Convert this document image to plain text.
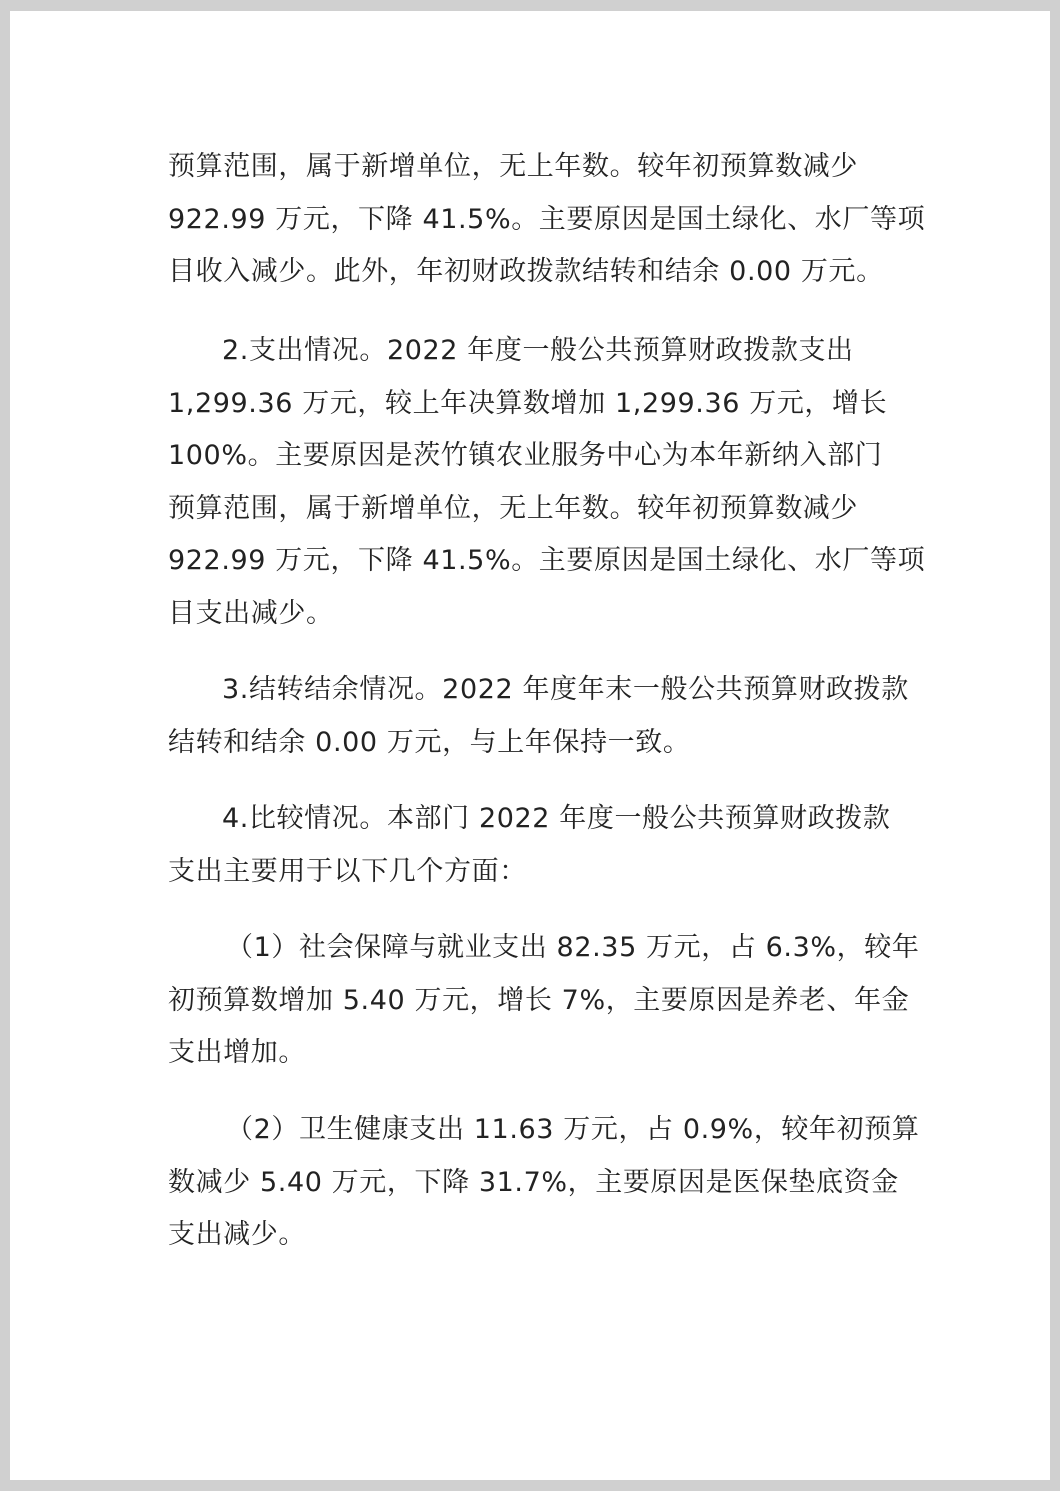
预算范围，属于新增单位，无上年数。较年初预算数减少
922.99 万元，下降 41.5%。主要原因是国土绿化、水厂等项
目收入减少。此外，年初财政拨款结转和结余 0.00 万元。
2.支出情况。2022 年度一般公共预算财政拨款支出
1,299.36 万元，较上年决算数增加 1,299.36 万元，增长
100%。主要原因是茨竹镇农业服务中心为本年新纳入部门
预算范围，属于新增单位，无上年数。较年初预算数减少
922.99 万元，下降 41.5%。主要原因是国土绿化、水厂等项
目支出减少。
3.结转结余情况。2022 年度年末一般公共预算财政拨款
结转和结余 0.00 万元，与上年保持一致。
4.比较情况。本部门 2022 年度一般公共预算财政拨款
支出主要用于以下几个方面：
（1）社会保障与就业支出 82.35 万元，占 6.3%，较年
初预算数增加 5.40 万元，增长 7%，主要原因是养老、年金
支出增加。
（2）卫生健康支出 11.63 万元，占 0.9%，较年初预算
数减少 5.40 万元，下降 31.7%，主要原因是医保垫底资金
支出减少。
